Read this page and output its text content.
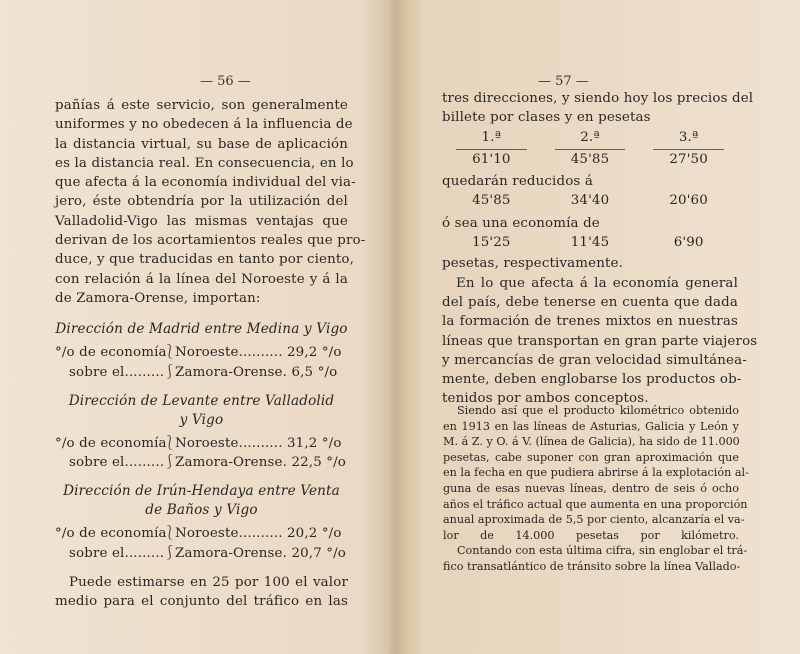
— 56 —
pañías á este servicio, son generalmente
uniformes y no obedecen á la influencia de
la distancia virtual, su base de aplicación
es la distancia real. En consecuencia, en lo
que afecta á la economía individual del via-
jero, éste obtendría por la utilización del
Valladolid-Vigo las mismas ventajas que
derivan de los acortamientos reales que pro-
duce, y que traducidas en tanto por ciento,
con relación á la línea del Noroeste y á la
de Zamora-Orense, importan:
Dirección de Madrid entre Medina y Vigo
°/o de economía
⎱
Noroeste.......... 29,2 °/o
sobre el.........
⎰
Zamora-Orense. 6,5 °/o
Dirección de Levante entre Valladolid
y Vigo
°/o de economía
⎱
Noroeste.......... 31,2 °/o
sobre el.........
⎰
Zamora-Orense. 22,5 °/o
Dirección de Irún-Hendaya entre Venta
de Baños y Vigo
°/o de economía
⎱
Noroeste.......... 20,2 °/o
sobre el.........
⎰
Zamora-Orense. 20,7 °/o
Puede estimarse en 25 por 100 el valor
medio para el conjunto del tráfico en las
— 57 —
tres direcciones, y siendo hoy los precios del
billete por clases y en pesetas
1.ª	2.ª	3.ª
61'10	45'85	27'50
quedarán reducidos á
45'85	34'40	20'60
ó sea una economía de
15'25	11'45	6'90
pesetas, respectivamente.
En lo que afecta á la economía general
del país, debe tenerse en cuenta que dada
la formación de trenes mixtos en nuestras
líneas que transportan en gran parte viajeros
y mercancías de gran velocidad simultánea-
mente, deben englobarse los productos ob-
tenidos por ambos conceptos.
Siendo así que el producto kilométrico obtenido
en 1913 en las líneas de Asturias, Galicia y León y
M. á Z. y O. á V. (línea de Galicia), ha sido de 11.000
pesetas, cabe suponer con gran aproximación que
en la fecha en que pudiera abrirse á la explotación al-
guna de esas nuevas líneas, dentro de seis ó ocho
años el tráfico actual que aumenta en una proporción
anual aproximada de 5,5 por ciento, alcanzaría el va-
lor de 14.000 pesetas por kilómetro.
Contando con esta última cifra, sin englobar el trá-
fico transatlántico de tránsito sobre la línea Vallado-
